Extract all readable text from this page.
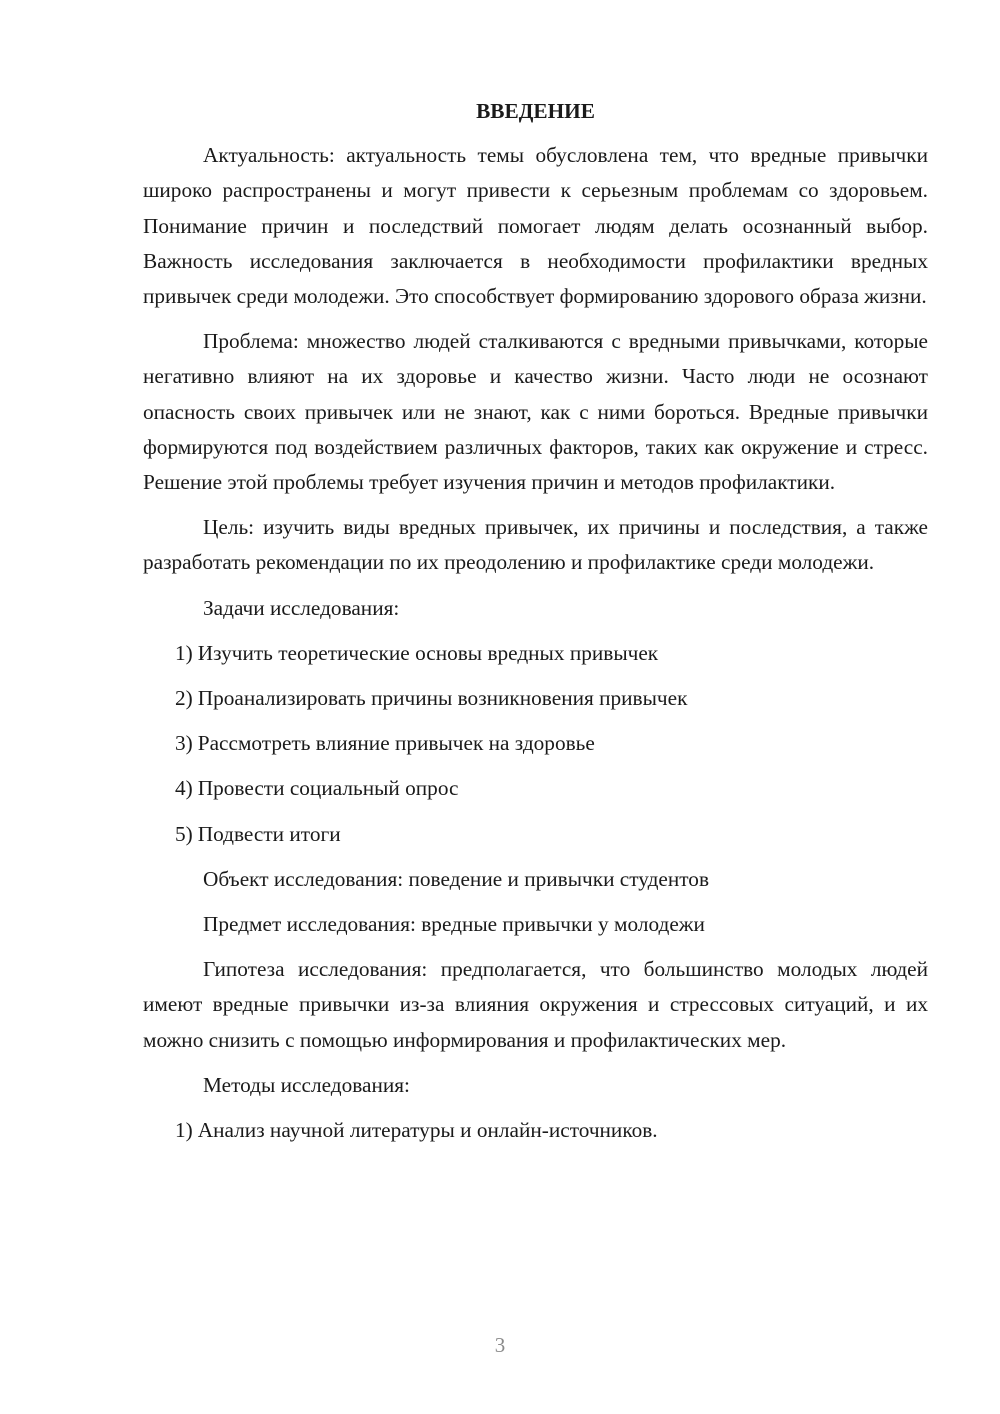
ВВЕДЕНИЕ

Актуальность: актуальность темы обусловлена тем, что вредные привычки широко распространены и могут привести к серьезным проблемам со здоровьем. Понимание причин и последствий помогает людям делать осознанный выбор. Важность исследования заключается в необходимости профилактики вредных привычек среди молодежи. Это способствует формированию здорового образа жизни.

Проблема: множество людей сталкиваются с вредными привычками, которые негативно влияют на их здоровье и качество жизни. Часто люди не осознают опасность своих привычек или не знают, как с ними бороться. Вредные привычки формируются под воздействием различных факторов, таких как окружение и стресс. Решение этой проблемы требует изучения причин и методов профилактики.

Цель: изучить виды вредных привычек, их причины и последствия, а также разработать рекомендации по их преодолению и профилактике среди молодежи.

Задачи исследования:

1) Изучить теоретические основы вредных привычек
2) Проанализировать причины возникновения привычек
3) Рассмотреть влияние привычек на здоровье
4) Провести социальный опрос
5) Подвести итоги

Объект исследования: поведение и привычки студентов

Предмет исследования: вредные привычки у молодежи

Гипотеза исследования: предполагается, что большинство молодых людей имеют вредные привычки из-за влияния окружения и стрессовых ситуаций, и их можно снизить с помощью информирования и профилактических мер.

Методы исследования:

1) Анализ научной литературы и онлайн-источников.
3
